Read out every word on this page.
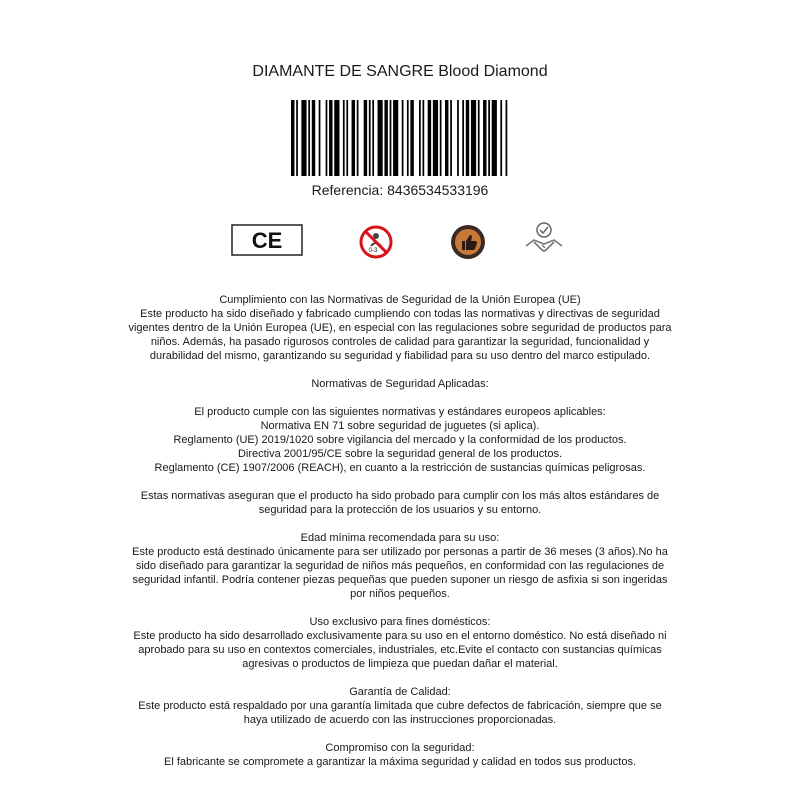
DIAMANTE DE SANGRE Blood Diamond
Referencia: 8436534533196
CE	0-3
Cumplimiento con las Normativas de Seguridad de la Unión Europea (UE)
Este producto ha sido diseñado y fabricado cumpliendo con todas las normativas y directivas de seguridad
vigentes dentro de la Unión Europea (UE), en especial con las regulaciones sobre seguridad de productos para
niños. Además, ha pasado rigurosos controles de calidad para garantizar la seguridad, funcionalidad y
durabilidad del mismo, garantizando su seguridad y fiabilidad para su uso dentro del marco estipulado.
Normativas de Seguridad Aplicadas:
El producto cumple con las siguientes normativas y estándares europeos aplicables:
Normativa EN 71 sobre seguridad de juguetes (si aplica).
Reglamento (UE) 2019/1020 sobre vigilancia del mercado y la conformidad de los productos.
Directiva 2001/95/CE sobre la seguridad general de los productos.
Reglamento (CE) 1907/2006 (REACH), en cuanto a la restricción de sustancias químicas peligrosas.
Estas normativas aseguran que el producto ha sido probado para cumplir con los más altos estándares de
seguridad para la protección de los usuarios y su entorno.
Edad mínima recomendada para su uso:
Este producto está destinado únicamente para ser utilizado por personas a partir de 36 meses (3 años).No ha
sido diseñado para garantizar la seguridad de niños más pequeños, en conformidad con las regulaciones de
seguridad infantil. Podría contener piezas pequeñas que pueden suponer un riesgo de asfixia si son ingeridas
por niños pequeños.
Uso exclusivo para fines domésticos:
Este producto ha sido desarrollado exclusivamente para su uso en el entorno doméstico. No está diseñado ni
aprobado para su uso en contextos comerciales, industriales, etc.Evite el contacto con sustancias químicas
agresivas o productos de limpieza que puedan dañar el material.
Garantía de Calidad:
Este producto está respaldado por una garantía limitada que cubre defectos de fabricación, siempre que se
haya utilizado de acuerdo con las instrucciones proporcionadas.
Compromiso con la seguridad:
El fabricante se compromete a garantizar la máxima seguridad y calidad en todos sus productos.
